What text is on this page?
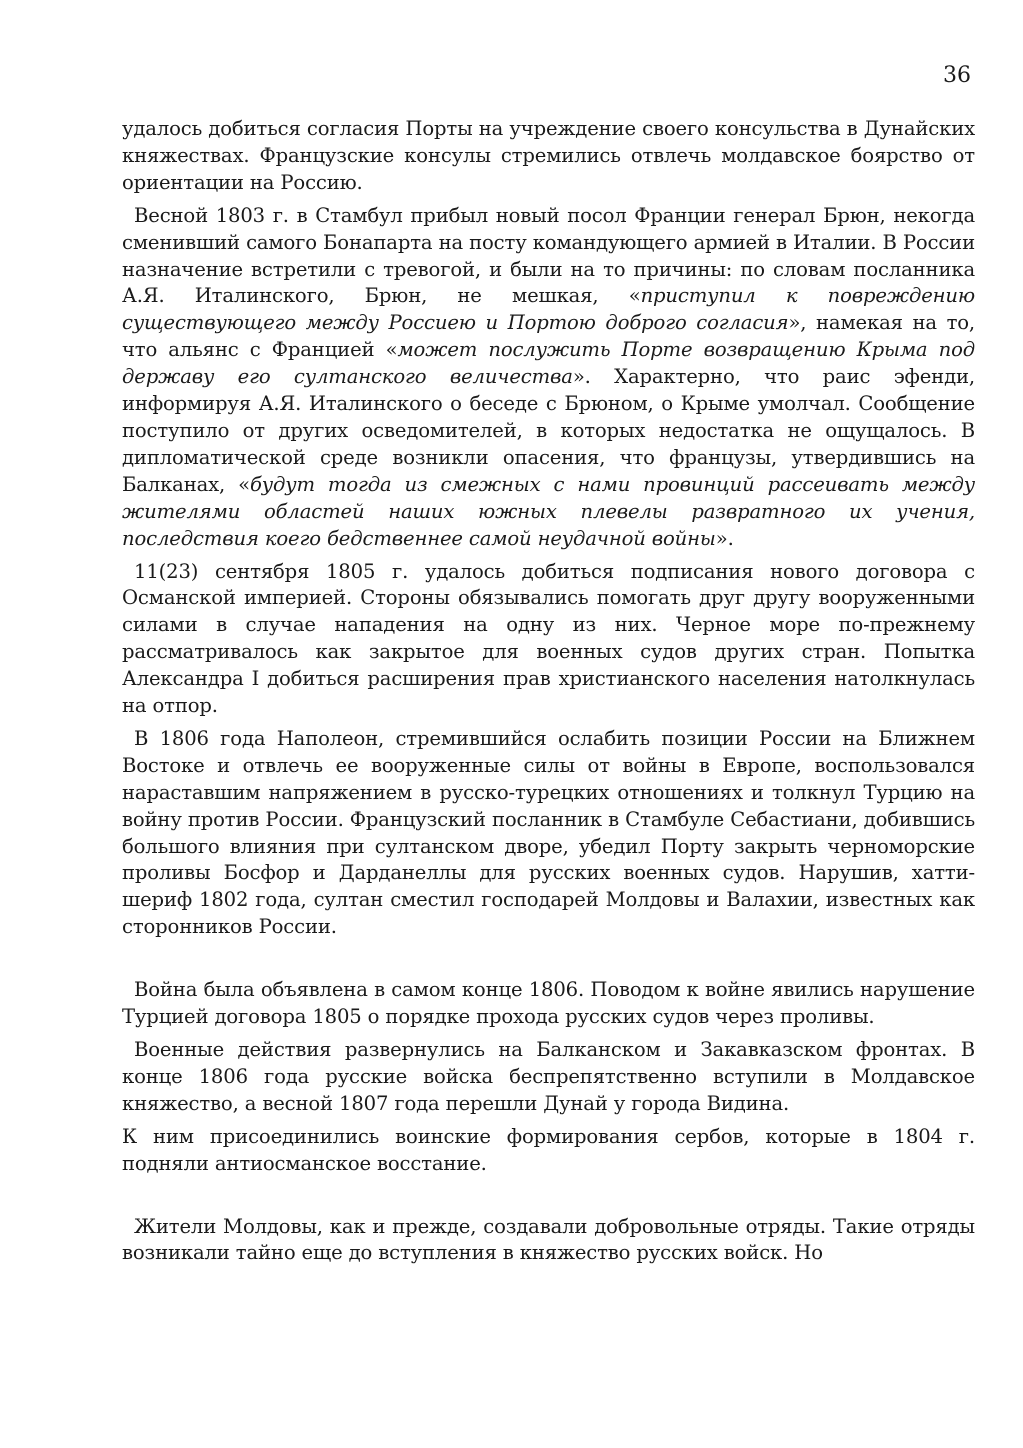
36

удалось добиться согласия Порты на учреждение своего консульства в Дунайских княжествах. Французские консулы стремились отвлечь молдавское боярство от ориентации на Россию.

Весной 1803 г. в Стамбул прибыл новый посол Франции генерал Брюн, некогда сменивший самого Бонапарта на посту командующего армией в Италии. В России назначение встретили с тревогой, и были на то причины: по словам посланника А.Я. Италинского, Брюн, не мешкая, «приступил к повреждению существующего между Россиею и Портою доброго согласия», намекая на то, что альянс с Францией «может послужить Порте возвращению Крыма под державу его султанского величества». Характерно, что раис эфенди, информируя А.Я. Италинского о беседе с Брюном, о Крыме умолчал. Сообщение поступило от других осведомителей, в которых недостатка не ощущалось. В дипломатической среде возникли опасения, что французы, утвердившись на Балканах, «будут тогда из смежных с нами провинций рассеивать между жителями областей наших южных плевелы развратного их учения, последствия коего бедственнее самой неудачной войны».

11(23) сентября 1805 г. удалось добиться подписания нового договора с Османской империей. Стороны обязывались помогать друг другу вооруженными силами в случае нападения на одну из них. Черное море по-прежнему рассматривалось как закрытое для военных судов других стран. Попытка Александра I добиться расширения прав христианского населения натолкнулась на отпор.

В 1806 года Наполеон, стремившийся ослабить позиции России на Ближнем Востоке и отвлечь ее вооруженные силы от войны в Европе, воспользовался нараставшим напряжением в русско-турецких отношениях и толкнул Турцию на войну против России. Французский посланник в Стамбуле Себастиани, добившись большого влияния при султанском дворе, убедил Порту закрыть черноморские проливы Босфор и Дарданеллы для русских военных судов. Нарушив, хатти-шериф 1802 года, султан сместил господарей Молдовы и Валахии, известных как сторонников России.

Война была объявлена в самом конце 1806. Поводом к войне явились нарушение Турцией договора 1805 о порядке прохода русских судов через проливы.

Военные действия развернулись на Балканском и Закавказском фронтах. В конце 1806 года русские войска беспрепятственно вступили в Молдавское княжество, а весной 1807 года перешли Дунай у города Видина.

К ним присоединились воинские формирования сербов, которые в 1804 г. подняли антиосманское восстание.

Жители Молдовы, как и прежде, создавали добровольные отряды. Такие отряды возникали тайно еще до вступления в княжество русских войск. Но
